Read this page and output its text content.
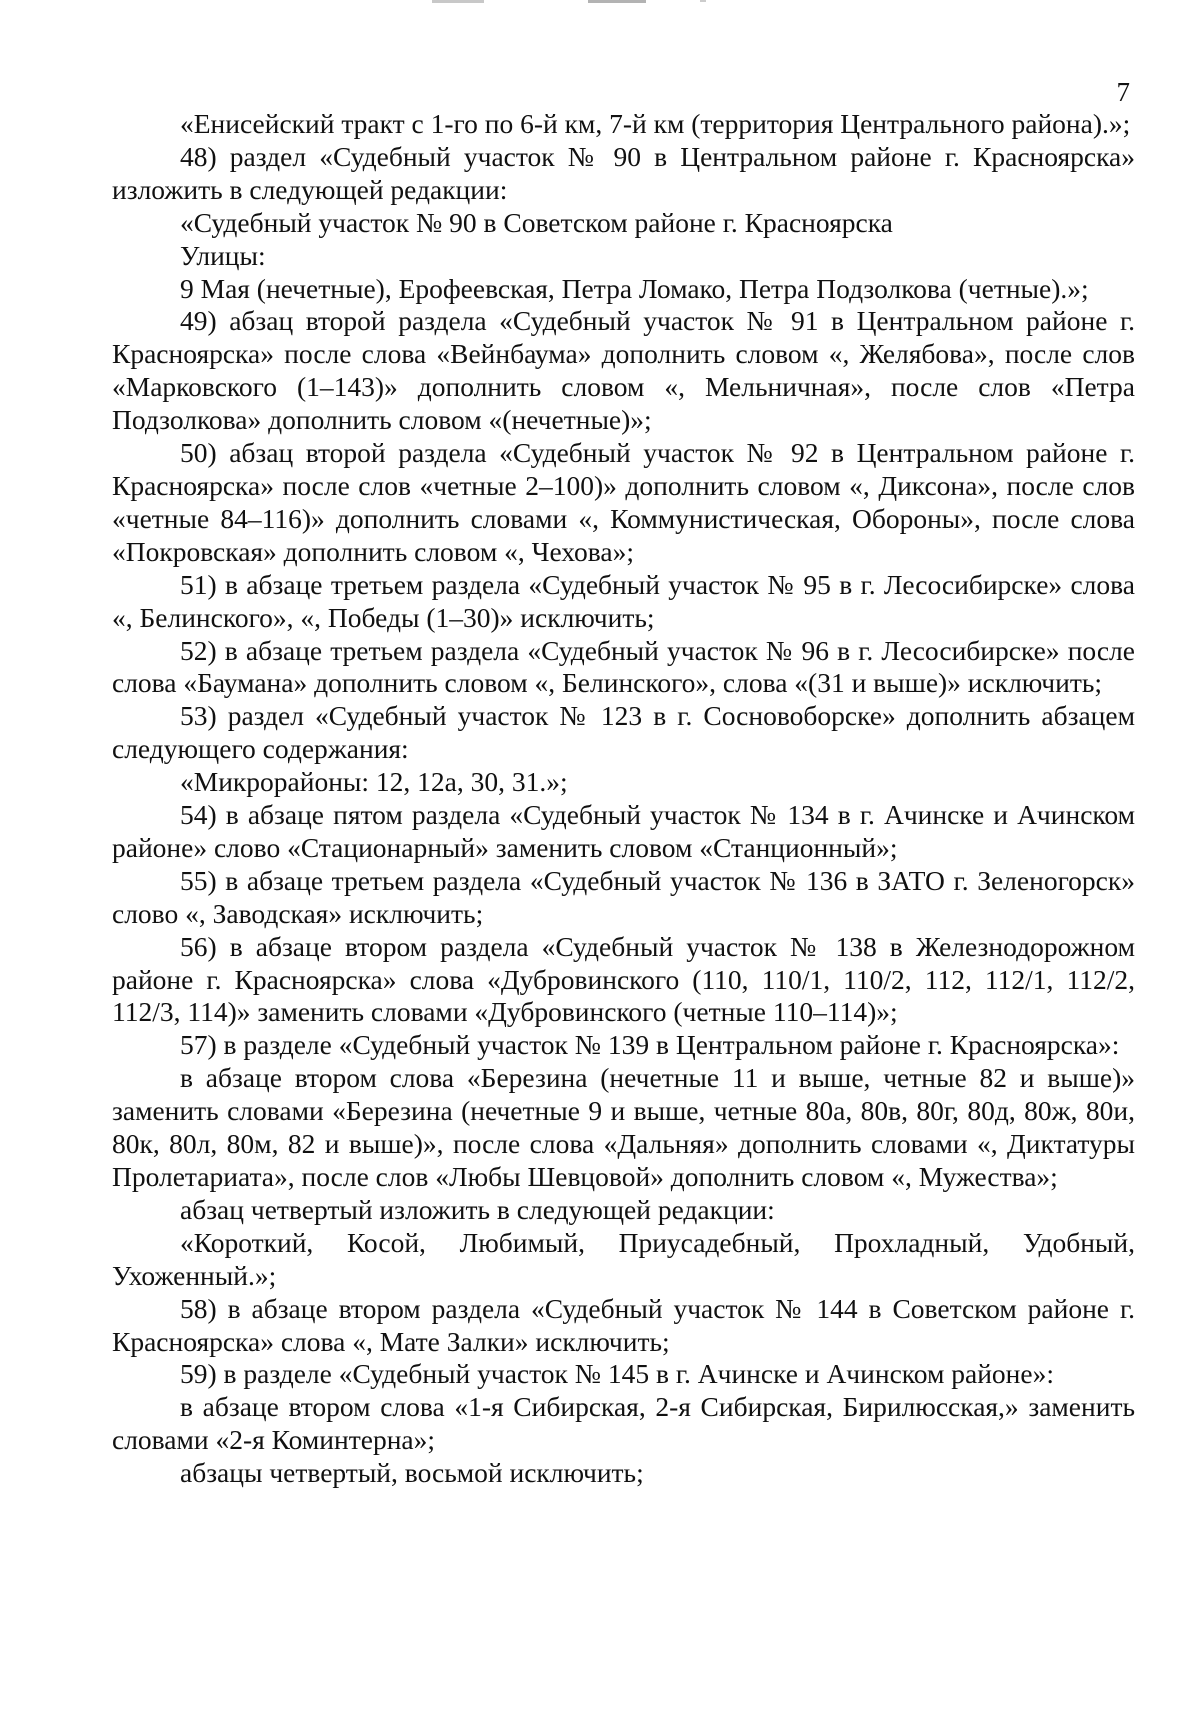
7

«Енисейский тракт с 1-го по 6-й км, 7-й км (территория Центрального района).»;

48) раздел «Судебный участок № 90 в Центральном районе г. Красноярска» изложить в следующей редакции:

«Судебный участок № 90 в Советском районе г. Красноярска

Улицы:

9 Мая (нечетные), Ерофеевская, Петра Ломако, Петра Подзолкова (четные).»;

49) абзац второй раздела «Судебный участок № 91 в Центральном районе г. Красноярска» после слова «Вейнбаума» дополнить словом «, Желябова», после слов «Марковского (1–143)» дополнить словом «, Мельничная», после слов «Петра Подзолкова» дополнить словом «(нечетные)»;

50) абзац второй раздела «Судебный участок № 92 в Центральном районе г. Красноярска» после слов «четные 2–100)» дополнить словом «, Диксона», после слов «четные 84–116)» дополнить словами «, Коммунистическая, Обороны», после слова «Покровская» дополнить словом «, Чехова»;

51) в абзаце третьем раздела «Судебный участок № 95 в г. Лесосибирске» слова «, Белинского», «, Победы (1–30)» исключить;

52) в абзаце третьем раздела «Судебный участок № 96 в г. Лесосибирске» после слова «Баумана» дополнить словом «, Белинского», слова «(31 и выше)» исключить;

53) раздел «Судебный участок № 123 в г. Сосновоборске» дополнить абзацем следующего содержания:

«Микрорайоны: 12, 12а, 30, 31.»;

54) в абзаце пятом раздела «Судебный участок № 134 в г. Ачинске и Ачинском районе» слово «Стационарный» заменить словом «Станционный»;

55) в абзаце третьем раздела «Судебный участок № 136 в ЗАТО г. Зеленогорск» слово «, Заводская» исключить;

56) в абзаце втором раздела «Судебный участок № 138 в Железнодорожном районе г. Красноярска» слова «Дубровинского (110, 110/1, 110/2, 112, 112/1, 112/2, 112/3, 114)» заменить словами «Дубровинского (четные 110–114)»;

57) в разделе «Судебный участок № 139 в Центральном районе г. Красноярска»:

в абзаце втором слова «Березина (нечетные 11 и выше, четные 82 и выше)» заменить словами «Березина (нечетные 9 и выше, четные 80а, 80в, 80г, 80д, 80ж, 80и, 80к, 80л, 80м, 82 и выше)», после слова «Дальняя» дополнить словами «, Диктатуры Пролетариата», после слов «Любы Шевцовой» дополнить словом «, Мужества»;

абзац четвертый изложить в следующей редакции:

«Короткий, Косой, Любимый, Приусадебный, Прохладный, Удобный, Ухоженный.»;

58) в абзаце втором раздела «Судебный участок № 144 в Советском районе г. Красноярска» слова «, Мате Залки» исключить;

59) в разделе «Судебный участок № 145 в г. Ачинске и Ачинском районе»:

в абзаце втором слова «1-я Сибирская, 2-я Сибирская, Бирилюсская,» заменить словами «2-я Коминтерна»;

абзацы четвертый, восьмой исключить;
